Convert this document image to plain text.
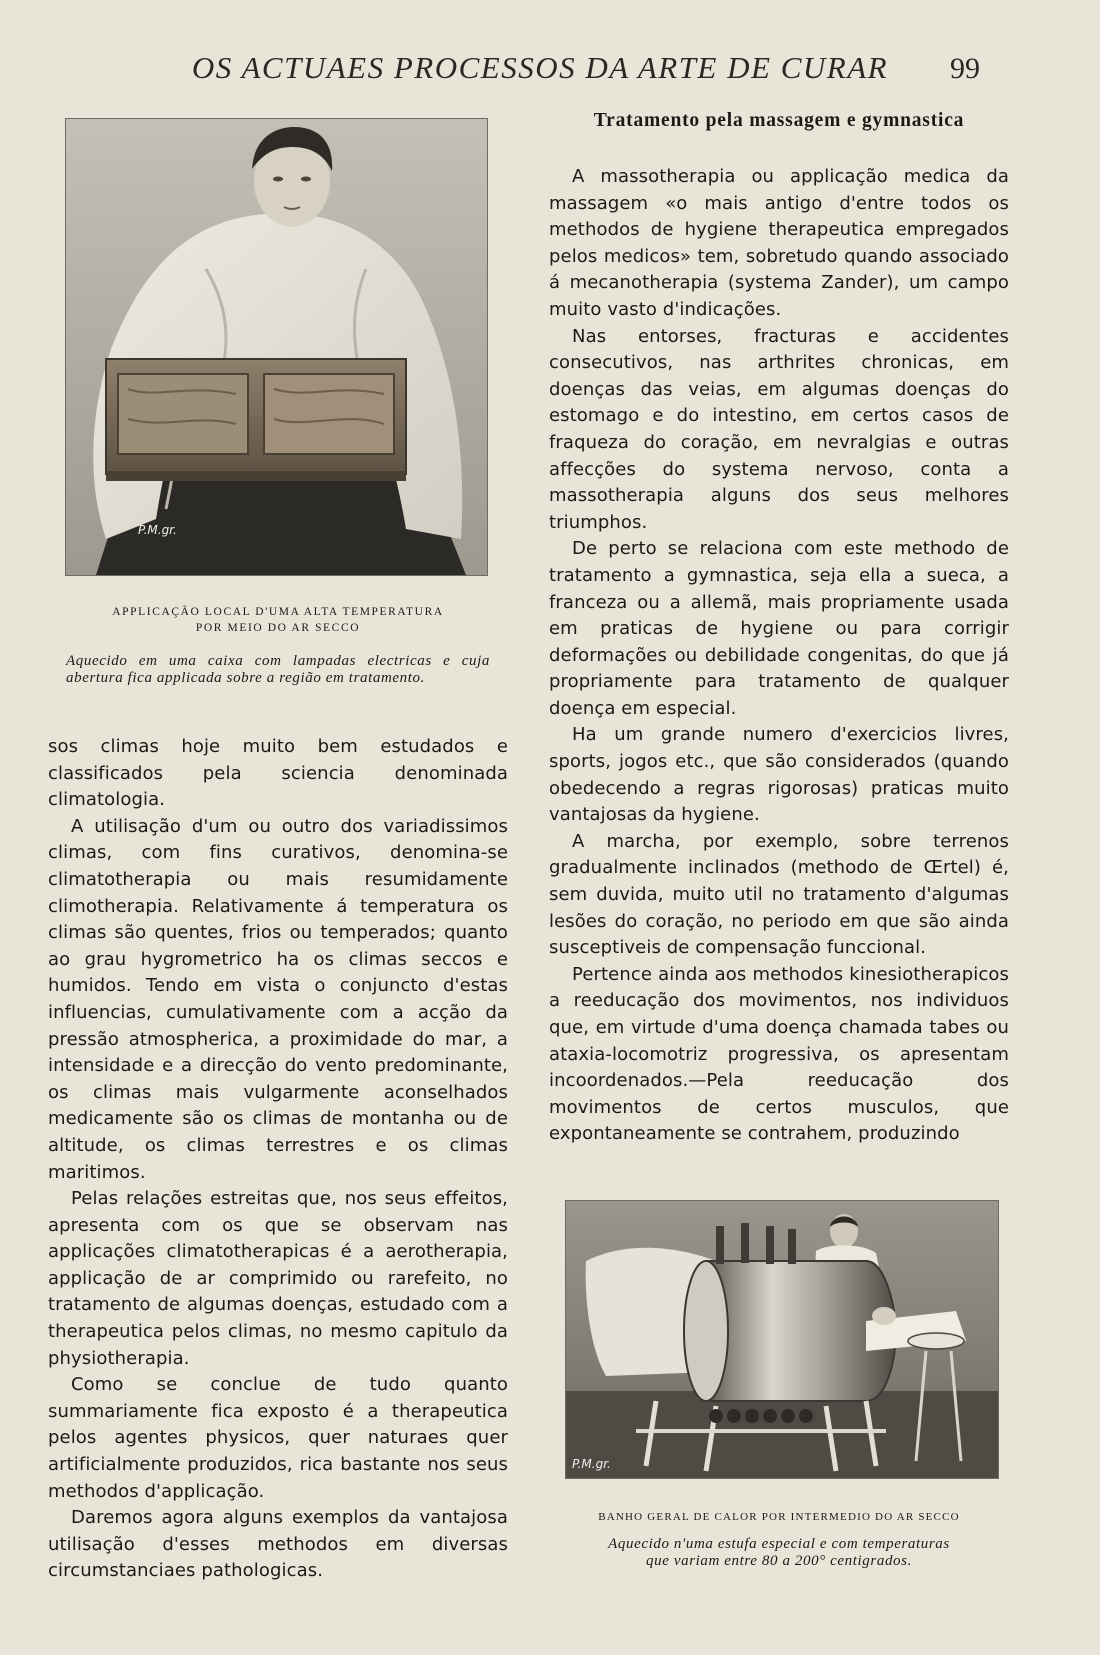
OS ACTUAES PROCESSOS DA ARTE DE CURAR	99
P.M.gr.
APPLICAÇÃO LOCAL D'UMA ALTA TEMPERATURA
POR MEIO DO AR SECCO
Aquecido em uma caixa com lampadas electricas e cuja abertura fica applicada sobre a região em tratamento.

sos climas hoje muito bem estudados e classificados pela sciencia denominada climatologia.

A utilisação d'um ou outro dos variadissimos climas, com fins curativos, denomina-se climatotherapia ou mais resumidamente climotherapia. Relativamente á temperatura os climas são quentes, frios ou temperados; quanto ao grau hygrometrico ha os climas seccos e humidos. Tendo em vista o conjuncto d'estas influencias, cumulativamente com a acção da pressão atmospherica, a proximidade do mar, a intensidade e a direcção do vento predominante, os climas mais vulgarmente aconselhados medicamente são os climas de montanha ou de altitude, os climas terrestres e os climas maritimos.

Pelas relações estreitas que, nos seus effeitos, apresenta com os que se observam nas applicações climatotherapicas é a aerotherapia, applicação de ar comprimido ou rarefeito, no tratamento de algumas doenças, estudado com a therapeutica pelos climas, no mesmo capitulo da physiotherapia.

Como se conclue de tudo quanto summariamente fica exposto é a therapeutica pelos agentes physicos, quer naturaes quer artificialmente produzidos, rica bastante nos seus methodos d'applicação.

Daremos agora alguns exemplos da vantajosa utilisação d'esses methodos em diversas circumstanciaes pathologicas.

Tratamento pela massagem e gymnastica

A massotherapia ou applicação medica da massagem «o mais antigo d'entre todos os methodos de hygiene therapeutica empregados pelos medicos» tem, sobretudo quando associado á mecanotherapia (systema Zander), um campo muito vasto d'indicações.

Nas entorses, fracturas e accidentes consecutivos, nas arthrites chronicas, em doenças das veias, em algumas doenças do estomago e do intestino, em certos casos de fraqueza do coração, em nevralgias e outras affecções do systema nervoso, conta a massotherapia alguns dos seus melhores triumphos.

De perto se relaciona com este methodo de tratamento a gymnastica, seja ella a sueca, a franceza ou a allemã, mais propriamente usada em praticas de hygiene ou para corrigir deformações ou debilidade congenitas, do que já propriamente para tratamento de qualquer doença em especial.

Ha um grande numero d'exercicios livres, sports, jogos etc., que são considerados (quando obedecendo a regras rigorosas) praticas muito vantajosas da hygiene.

A marcha, por exemplo, sobre terrenos gradualmente inclinados (methodo de Œrtel) é, sem duvida, muito util no tratamento d'algumas lesões do coração, no periodo em que são ainda susceptiveis de compensação funccional.

Pertence ainda aos methodos kinesiotherapicos a reeducação dos movimentos, nos individuos que, em virtude d'uma doença chamada tabes ou ataxia-locomotriz progressiva, os apresentam incoordenados.—Pela reeducação dos movimentos de certos musculos, que expontaneamente se contrahem, produzindo

P.M.gr.
BANHO GERAL DE CALOR POR INTERMEDIO DO AR SECCO
Aquecido n'uma estufa especial e com temperaturas
que variam entre 80 a 200° centigrados.
